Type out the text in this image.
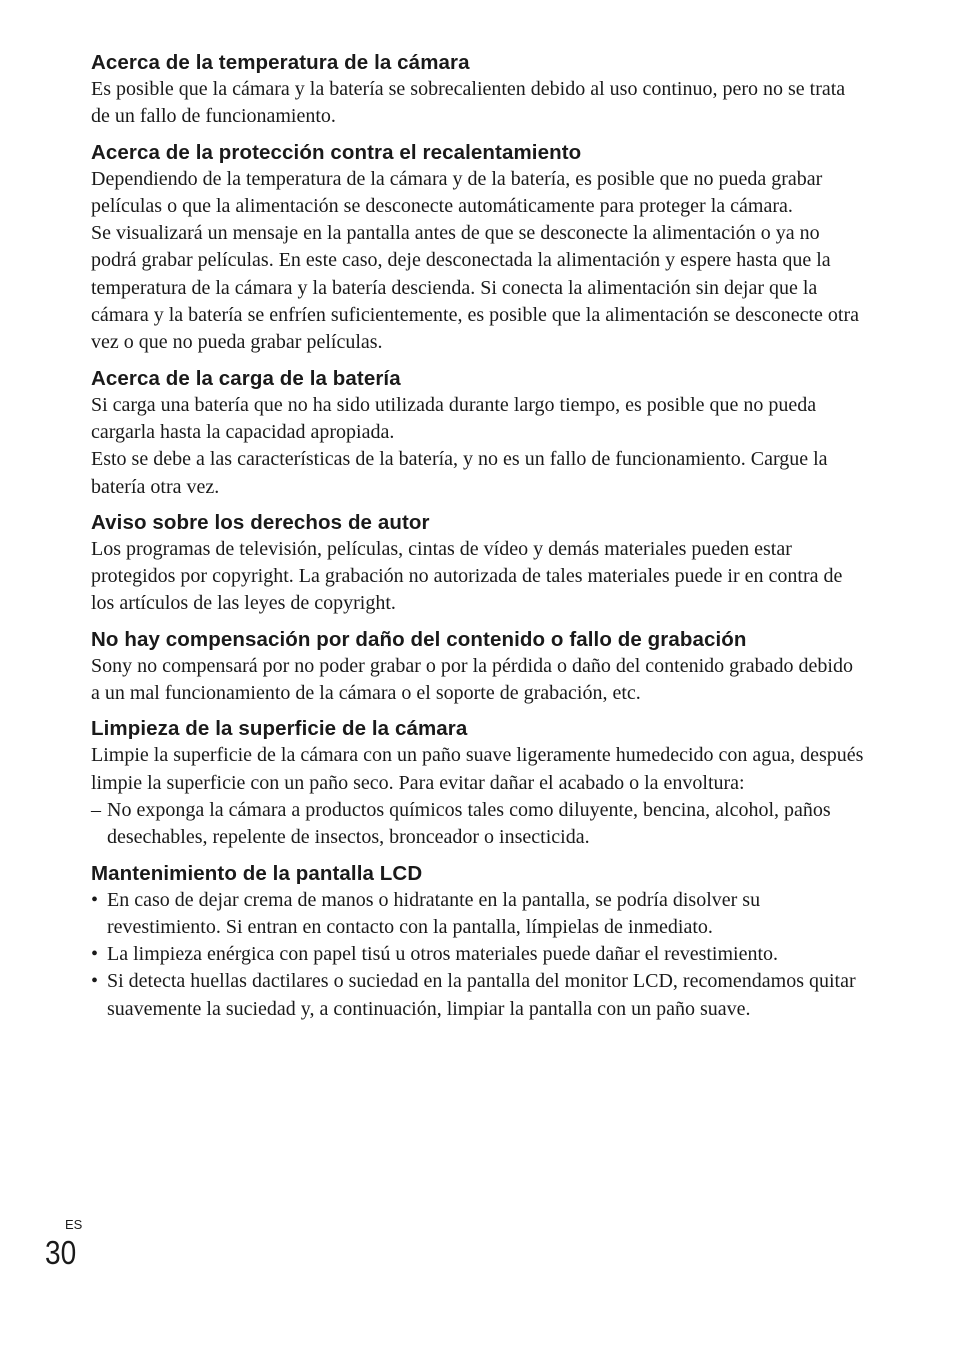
Acerca de la temperatura de la cámara

Es posible que la cámara y la batería se sobrecalienten debido al uso continuo, pero no se trata de un fallo de funcionamiento.

Acerca de la protección contra el recalentamiento

Dependiendo de la temperatura de la cámara y de la batería, es posible que no pueda grabar películas o que la alimentación se desconecte automáticamente para proteger la cámara.

Se visualizará un mensaje en la pantalla antes de que se desconecte la alimentación o ya no podrá grabar películas. En este caso, deje desconectada la alimentación y espere hasta que la temperatura de la cámara y la batería descienda. Si conecta la alimentación sin dejar que la cámara y la batería se enfríen suficientemente, es posible que la alimentación se desconecte otra vez o que no pueda grabar películas.

Acerca de la carga de la batería

Si carga una batería que no ha sido utilizada durante largo tiempo, es posible que no pueda cargarla hasta la capacidad apropiada.

Esto se debe a las características de la batería, y no es un fallo de funcionamiento. Cargue la batería otra vez.

Aviso sobre los derechos de autor

Los programas de televisión, películas, cintas de vídeo y demás materiales pueden estar protegidos por copyright. La grabación no autorizada de tales materiales puede ir en contra de los artículos de las leyes de copyright.

No hay compensación por daño del contenido o fallo de grabación

Sony no compensará por no poder grabar o por la pérdida o daño del contenido grabado debido a un mal funcionamiento de la cámara o el soporte de grabación, etc.

Limpieza de la superficie de la cámara

Limpie la superficie de la cámara con un paño suave ligeramente humedecido con agua, después limpie la superficie con un paño seco. Para evitar dañar el acabado o la envoltura:

– No exponga la cámara a productos químicos tales como diluyente, bencina, alcohol, paños desechables, repelente de insectos, bronceador o insecticida.
Mantenimiento de la pantalla LCD
• En caso de dejar crema de manos o hidratante en la pantalla, se podría disolver su revestimiento. Si entran en contacto con la pantalla, límpielas de inmediato.
• La limpieza enérgica con papel tisú u otros materiales puede dañar el revestimiento.
• Si detecta huellas dactilares o suciedad en la pantalla del monitor LCD, recomendamos quitar suavemente la suciedad y, a continuación, limpiar la pantalla con un paño suave.
ES
30
